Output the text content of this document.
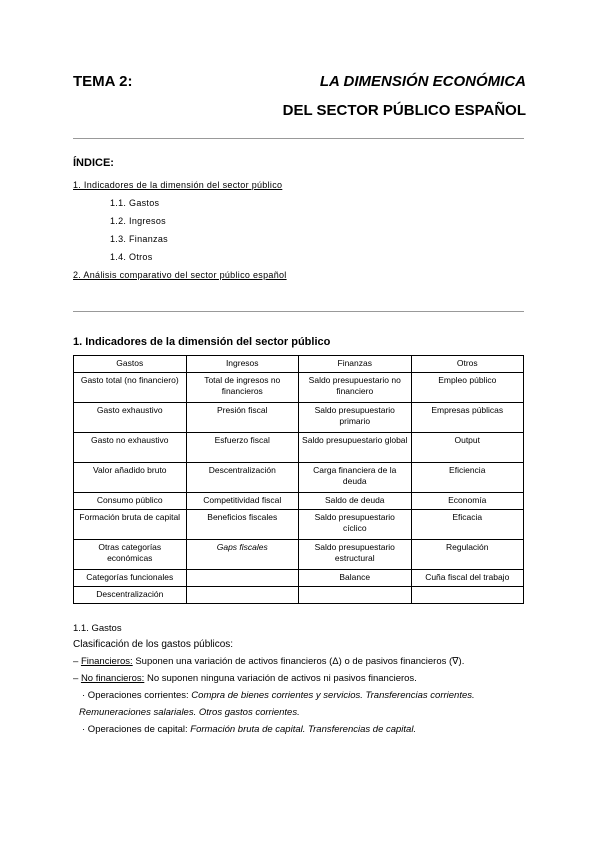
TEMA 2:	LA DIMENSIÓN ECONÓMICA
DEL SECTOR PÚBLICO ESPAÑOL
ÍNDICE:
1. Indicadores de la dimensión del sector público
1.1. Gastos
1.2. Ingresos
1.3. Finanzas
1.4. Otros
2. Análisis comparativo del sector público español
1. Indicadores de la dimensión del sector público
Gastos	Ingresos	Finanzas	Otros
Gasto total (no financiero)	Total de ingresos no financieros	Saldo presupuestario no financiero	Empleo público
Gasto exhaustivo	Presión fiscal	Saldo presupuestario primario	Empresas públicas
Gasto no exhaustivo	Esfuerzo fiscal	Saldo presupuestario global	Output
Valor añadido bruto	Descentralización	Carga financiera de la deuda	Eficiencia
Consumo público	Competitividad fiscal	Saldo de deuda	Economía
Formación bruta de capital	Beneficios fiscales	Saldo presupuestario cíclico	Eficacia
Otras categorías económicas	Gaps fiscales	Saldo presupuestario estructural	Regulación
Categorías funcionales		Balance	Cuña fiscal del trabajo
Descentralización			
1.1. Gastos
Clasificación de los gastos públicos:
– Financieros: Suponen una variación de activos financieros (Δ) o de pasivos financieros (∇).
– No financieros: No suponen ninguna variación de activos ni pasivos financieros.
· Operaciones corrientes: Compra de bienes corrientes y servicios. Transferencias corrientes.
Remuneraciones salariales. Otros gastos corrientes.
· Operaciones de capital: Formación bruta de capital. Transferencias de capital.
